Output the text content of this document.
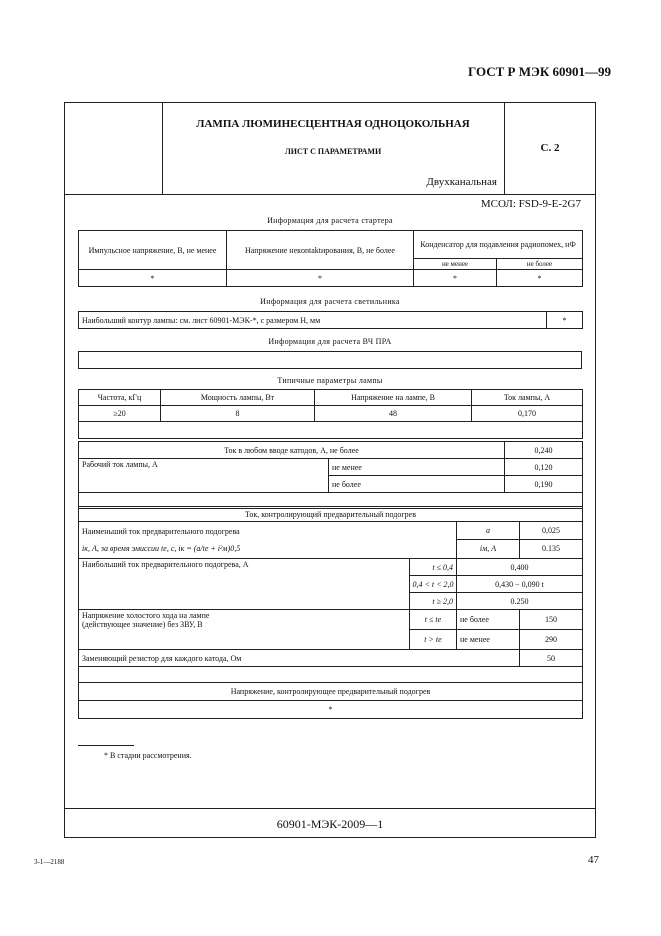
ГОСТ Р МЭК 60901—99
ЛАМПА ЛЮМИНЕСЦЕНТНАЯ ОДНОЦОКОЛЬНАЯ
ЛИСТ С ПАРАМЕТРАМИ
Двухканальная
С. 2
МСОЛ: FSD-9-E-2G7
Информация для расчета стартера
Импульсное напряжение, В, не менее	Напряжение некontaktирования, В, не более	Конденсатор для подавления радиопомех, нФ	
		не менее	не более
*	*	*	*
Информация для расчета светильника
Наибольший контур лампы: см. лист 60901-МЭК-*, с размером H, мм	*
Информация для расчета ВЧ ПРА
Типичные параметры лампы
Частота, кГц	Мощность лампы, Вт	Напряжение на лампе, В	Ток лампы, А
≥20	8	48	0,170

Ток в любом вводе катодов, А, не более		0,240
Рабочий ток лампы, А	не менее	0,120
	не более	0,190

Ток, контролирующий предварительный подогрев			

Наименьший ток предварительного подогрева
iк, А, за время эмиссии tе, с, iк = (a/tе + i²м)0,5		a	0,025
		iм, А	0.135
Наибольший ток предварительного подогрева, А	t ≤ 0,4	0,400	
	0,4 < t < 2,0	0,430 − 0,090 t	
	t ≥ 2,0	0.250	

Напряжение холостого хода на лампе
(действующее значение) без ЗВУ, В	t ≤ tе	не более	150
	t > tе	не менее	290
Заменяющий резистор для каждого катода, Ом			50

Напряжение, контролирующее предварительный подогрев			
*			
* В стадии рассмотрения.
60901-МЭК-2009—1
3-1—2188	47
